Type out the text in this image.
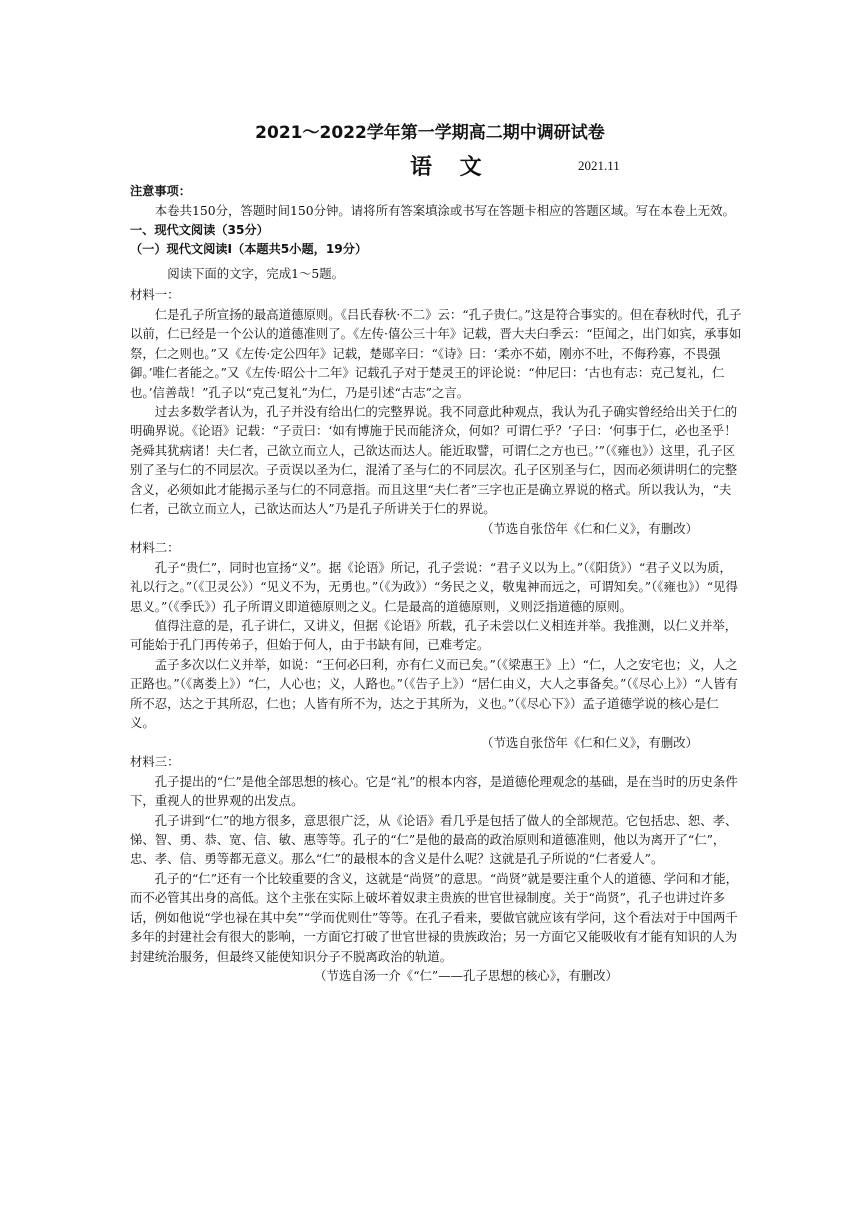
2021～2022学年第一学期高二期中调研试卷
语 文	2021.11

注意事项：

本卷共150分，答题时间150分钟。请将所有答案填涂或书写在答题卡相应的答题区域。写在本卷上无效。

一、现代文阅读（35分）

（一）现代文阅读Ⅰ（本题共5小题，19分）

阅读下面的文字，完成1～5题。

材料一：

仁是孔子所宣扬的最高道德原则。《吕氏春秋·不二》云：“孔子贵仁。”这是符合事实的。但在春秋时代，孔子以前，仁已经是一个公认的道德准则了。《左传·僖公三十年》记载，晋大夫臼季云：“臣闻之，出门如宾，承事如祭，仁之则也。”又《左传·定公四年》记载，楚郧辛曰：“《诗》曰：‘柔亦不茹，刚亦不吐，不侮矜寡，不畏强御。’唯仁者能之。”又《左传·昭公十二年》记载孔子对于楚灵王的评论说：“仲尼曰：‘古也有志：克己复礼，仁也。’信善哉！”孔子以“克己复礼”为仁，乃是引述“古志”之言。

过去多数学者认为，孔子并没有给出仁的完整界说。我不同意此种观点，我认为孔子确实曾经给出关于仁的明确界说。《论语》记载：“子贡曰：‘如有博施于民而能济众，何如？可谓仁乎？’子曰：‘何事于仁，必也圣乎！尧舜其犹病诸！夫仁者，己欲立而立人，己欲达而达人。能近取譬，可谓仁之方也已。’”（《雍也》）这里，孔子区别了圣与仁的不同层次。子贡误以圣为仁，混淆了圣与仁的不同层次。孔子区别圣与仁，因而必须讲明仁的完整含义，必须如此才能揭示圣与仁的不同意指。而且这里“夫仁者”三字也正是确立界说的格式。所以我认为，“夫仁者，己欲立而立人，己欲达而达人”乃是孔子所讲关于仁的界说。

（节选自张岱年《仁和仁义》，有删改）

材料二：

孔子“贵仁”，同时也宣扬“义”。据《论语》所记，孔子尝说：“君子义以为上。”（《阳货》）“君子义以为质，礼以行之。”（《卫灵公》）“见义不为，无勇也。”（《为政》）“务民之义，敬鬼神而远之，可谓知矣。”（《雍也》）“见得思义。”（《季氏》）孔子所谓义即道德原则之义。仁是最高的道德原则，义则泛指道德的原则。

值得注意的是，孔子讲仁，又讲义，但据《论语》所载，孔子未尝以仁义相连并举。我推测，以仁义并举，可能始于孔门再传弟子，但始于何人，由于书缺有间，已难考定。

孟子多次以仁义并举，如说：“王何必曰利，亦有仁义而已矣。”（《梁惠王》上）“仁，人之安宅也；义，人之正路也。”（《离娄上》）“仁，人心也；义，人路也。”（《告子上》）“居仁由义，大人之事备矣。”（《尽心上》）“人皆有所不忍，达之于其所忍，仁也；人皆有所不为，达之于其所为，义也。”（《尽心下》）孟子道德学说的核心是仁义。

（节选自张岱年《仁和仁义》，有删改）

材料三：

孔子提出的“仁”是他全部思想的核心。它是“礼”的根本内容，是道德伦理观念的基础，是在当时的历史条件下，重视人的世界观的出发点。

孔子讲到“仁”的地方很多，意思很广泛，从《论语》看几乎是包括了做人的全部规范。它包括忠、恕、孝、悌、智、勇、恭、宽、信、敏、惠等等。孔子的“仁”是他的最高的政治原则和道德准则，他以为离开了“仁”，忠、孝、信、勇等都无意义。那么“仁”的最根本的含义是什么呢？这就是孔子所说的“仁者爱人”。

孔子的“仁”还有一个比较重要的含义，这就是“尚贤”的意思。“尚贤”就是要注重个人的道德、学问和才能，而不必管其出身的高低。这个主张在实际上破坏着奴隶主贵族的世官世禄制度。关于“尚贤”，孔子也讲过许多话，例如他说“学也禄在其中矣”“学而优则仕”等等。在孔子看来，要做官就应该有学问，这个看法对于中国两千多年的封建社会有很大的影响，一方面它打破了世官世禄的贵族政治；另一方面它又能吸收有才能有知识的人为封建统治服务，但最终又能使知识分子不脱离政治的轨道。

（节选自汤一介《“仁”——孔子思想的核心》，有删改）
